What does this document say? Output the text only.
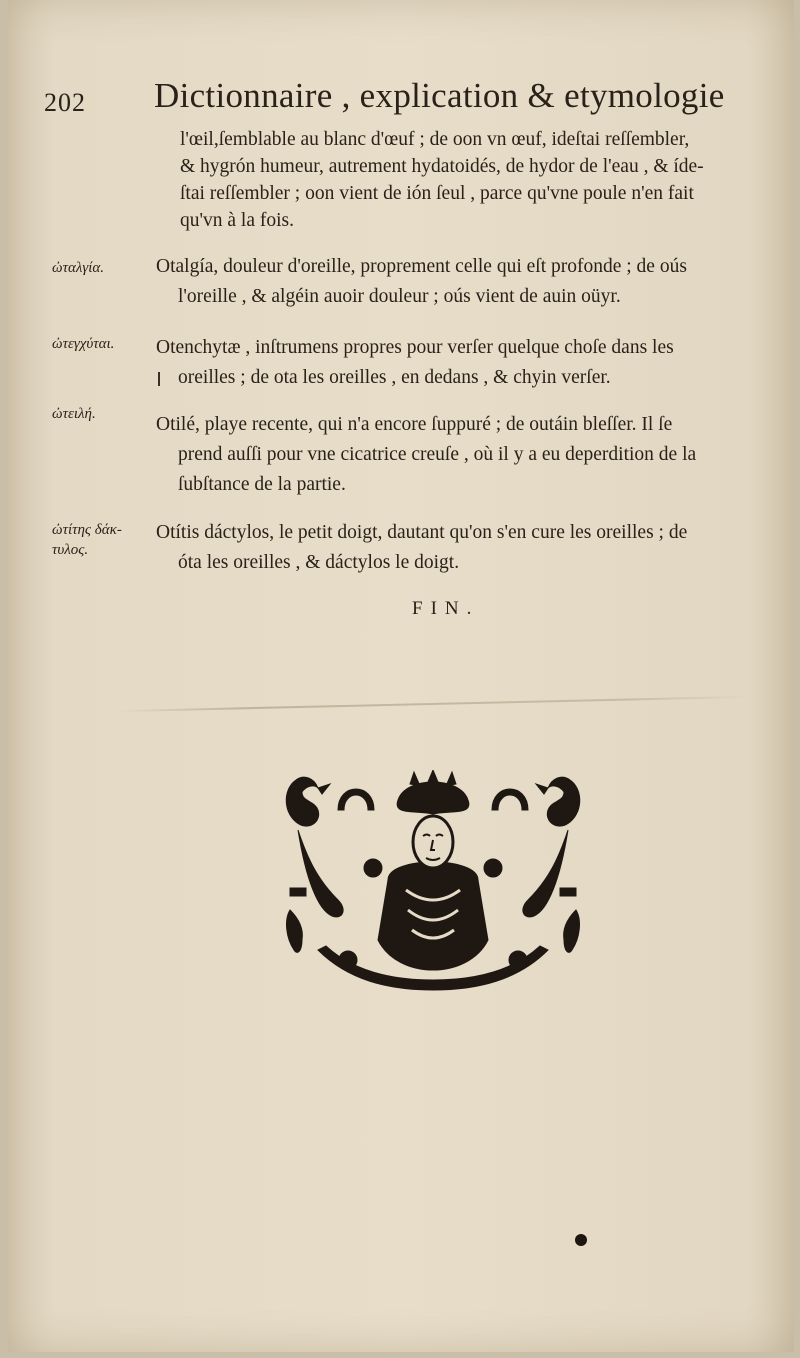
202 Dictionnaire , explication & etymologie
l'œil,ſemblable au blanc d'œuf ; de oon vn œuf, ideſtai reſſembler,
& hygrón humeur, autrement hydatoidés, de hydor de l'eau , & íde-
ſtai reſſembler ; oon vient de ión ſeul , parce qu'vne poule n'en fait
qu'vn à la fois.
ὠταλγία.	Otalgía, douleur d'oreille, proprement celle qui eſt profonde ; de oús
l'oreille , & algéin auoir douleur ; oús vient de auin oüyr.
ὠτεγχύται. Otenchytæ , inſtrumens propres pour verſer quelque choſe dans les
oreilles ; de ota les oreilles , en dedans , & chyin verſer.
ὠτειλή.	Otilé, playe recente, qui n'a encore ſuppuré ; de outáin bleſſer. Il ſe
prend auſſi pour vne cicatrice creuſe , où il y a eu deperdition de la
ſubſtance de la partie.
ὠτίτης δάκ-
τυλος.
Otítis dáctylos, le petit doigt, dautant qu'on s'en cure les oreilles ; de
óta les oreilles , & dáctylos le doigt.
FIN.
